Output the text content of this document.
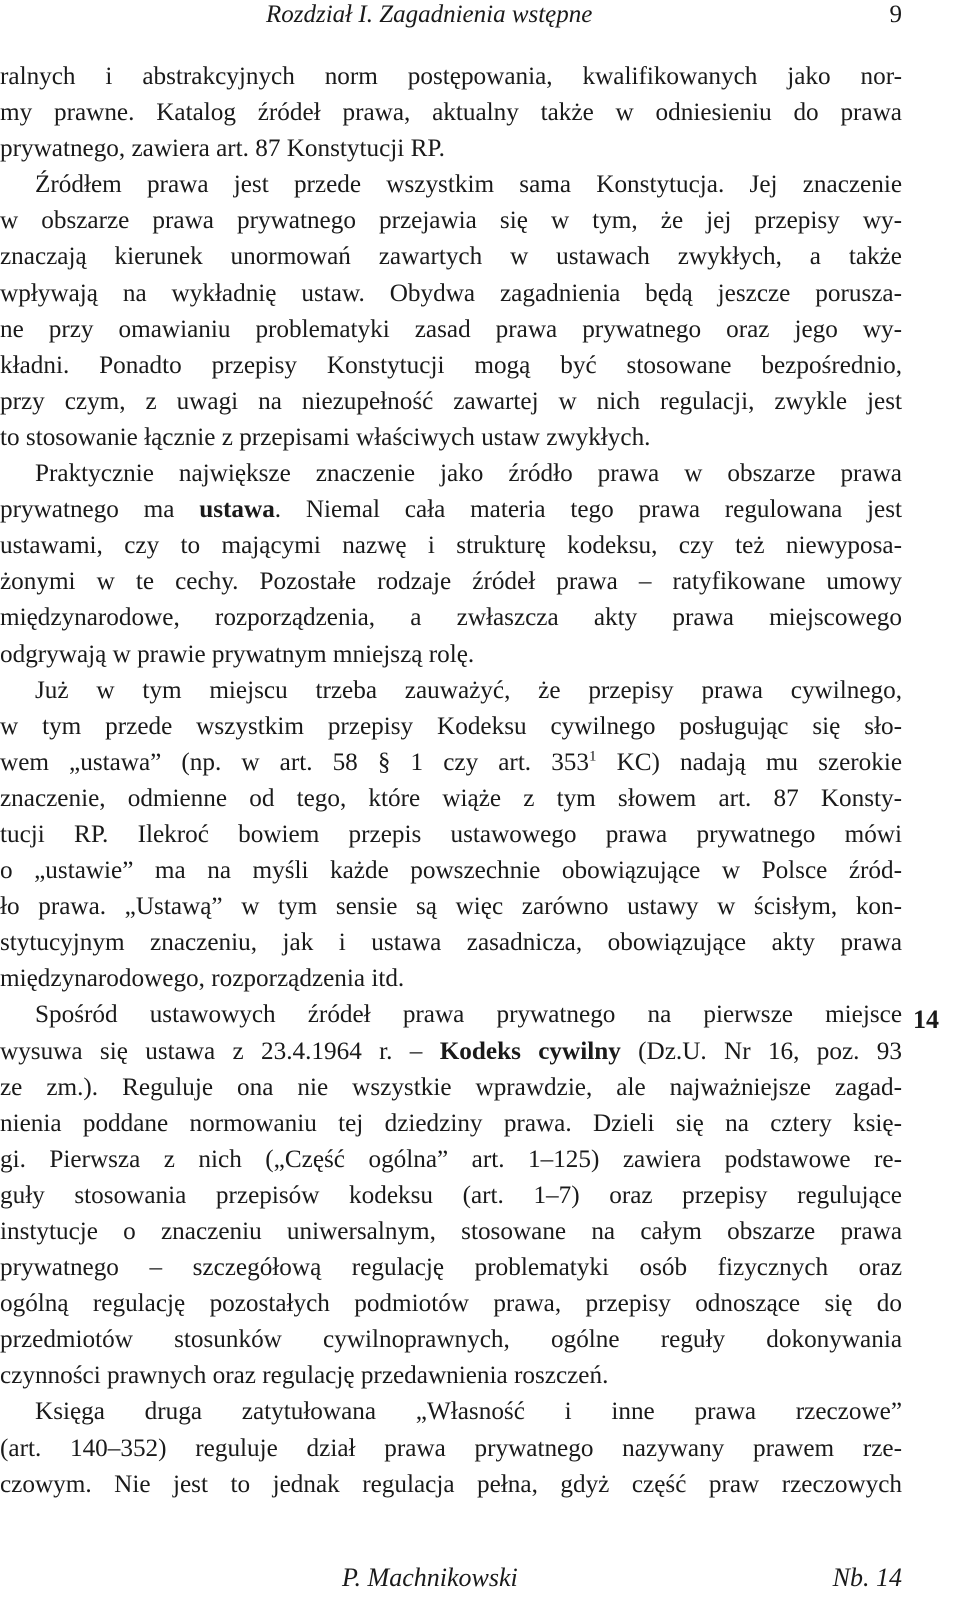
Rozdział I. Zagadnienia wstępne	9
ralnych i abstrakcyjnych norm postępowania, kwalifikowanych jako nor-
my prawne. Katalog źródeł prawa, aktualny także w odniesieniu do prawa
prywatnego, zawiera art. 87 Konstytucji RP.
Źródłem prawa jest przede wszystkim sama Konstytucja. Jej znaczenie
w obszarze prawa prywatnego przejawia się w tym, że jej przepisy wy-
znaczają kierunek unormowań zawartych w ustawach zwykłych, a także
wpływają na wykładnię ustaw. Obydwa zagadnienia będą jeszcze porusza-
ne przy omawianiu problematyki zasad prawa prywatnego oraz jego wy-
kładni. Ponadto przepisy Konstytucji mogą być stosowane bezpośrednio,
przy czym, z uwagi na niezupełność zawartej w nich regulacji, zwykle jest
to stosowanie łącznie z przepisami właściwych ustaw zwykłych.
Praktycznie największe znaczenie jako źródło prawa w obszarze prawa
prywatnego ma ustawa. Niemal cała materia tego prawa regulowana jest
ustawami, czy to mającymi nazwę i strukturę kodeksu, czy też niewyposa-
żonymi w te cechy. Pozostałe rodzaje źródeł prawa – ratyfikowane umowy
międzynarodowe, rozporządzenia, a zwłaszcza akty prawa miejscowego
odgrywają w prawie prywatnym mniejszą rolę.
Już w tym miejscu trzeba zauważyć, że przepisy prawa cywilnego,
w tym przede wszystkim przepisy Kodeksu cywilnego posługując się sło-
wem „ustawa” (np. w art. 58 § 1 czy art. $353^1$ KC) nadają mu szerokie
znaczenie, odmienne od tego, które wiąże z tym słowem art. 87 Konsty-
tucji RP. Ilekroć bowiem przepis ustawowego prawa prywatnego mówi
o „ustawie” ma na myśli każde powszechnie obowiązujące w Polsce źród-
ło prawa. „Ustawą” w tym sensie są więc zarówno ustawy w ścisłym, kon-
stytucyjnym znaczeniu, jak i ustawa zasadnicza, obowiązujące akty prawa
międzynarodowego, rozporządzenia itd.
Spośród ustawowych źródeł prawa prywatnego na pierwsze miejsce
wysuwa się ustawa z 23.4.1964 r. – Kodeks cywilny (Dz.U. Nr 16, poz. 93
ze zm.). Reguluje ona nie wszystkie wprawdzie, ale najważniejsze zagad-
nienia poddane normowaniu tej dziedziny prawa. Dzieli się na cztery księ-
gi. Pierwsza z nich („Część ogólna” art. 1–125) zawiera podstawowe re-
guły stosowania przepisów kodeksu (art. 1–7) oraz przepisy regulujące
instytucje o znaczeniu uniwersalnym, stosowane na całym obszarze prawa
prywatnego – szczegółową regulację problematyki osób fizycznych oraz
ogólną regulację pozostałych podmiotów prawa, przepisy odnoszące się do
przedmiotów stosunków cywilnoprawnych, ogólne reguły dokonywania
czynności prawnych oraz regulację przedawnienia roszczeń.
Księga druga zatytułowana „Własność i inne prawa rzeczowe”
(art. 140–352) reguluje dział prawa prywatnego nazywany prawem rze-
czowym. Nie jest to jednak regulacja pełna, gdyż część praw rzeczowych
14
P. Machnikowski	Nb. 14
